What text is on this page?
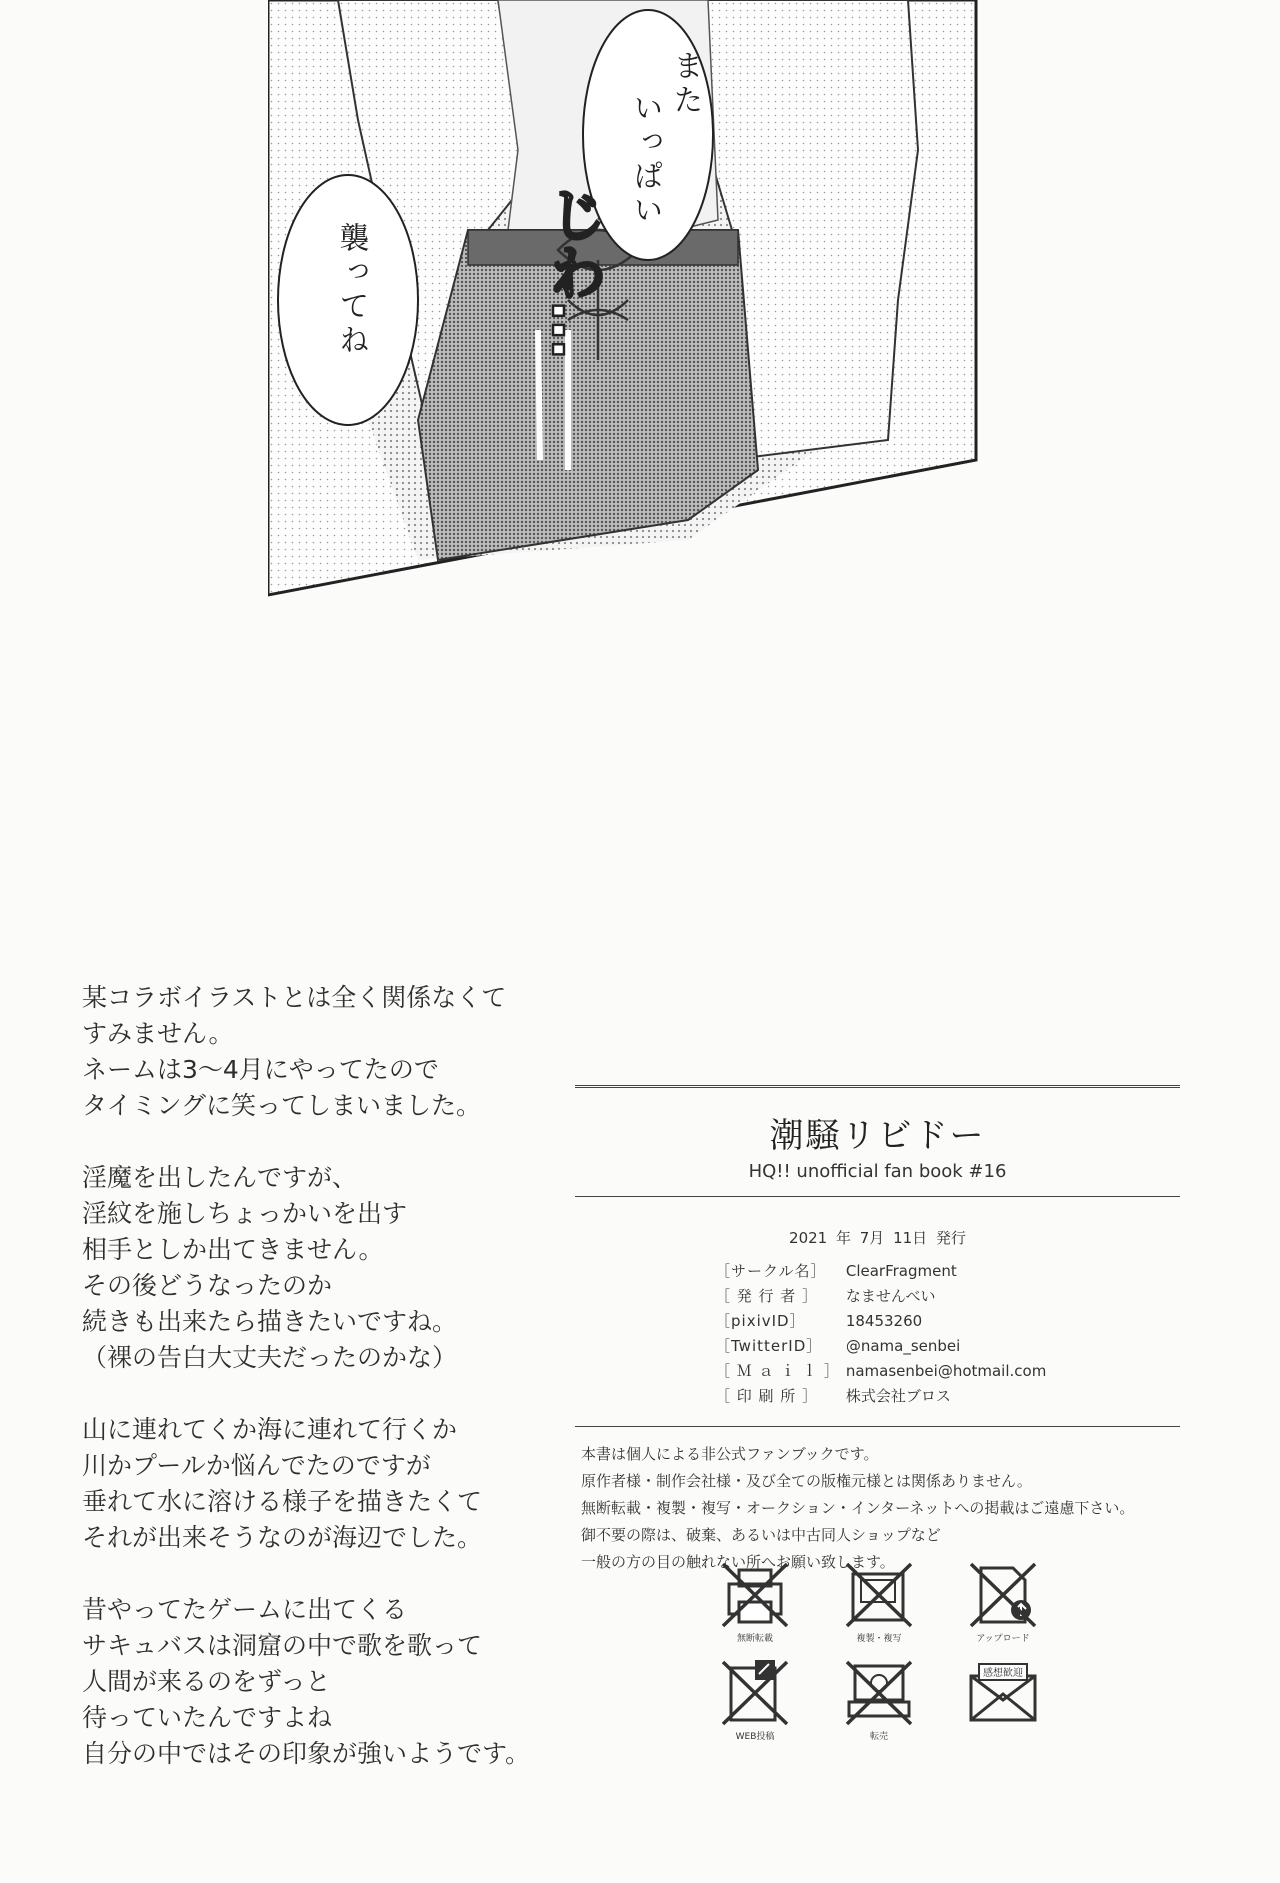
じわ…
また
いっぱい
襲ってね

某コラボイラストとは全く関係なくて
すみません。
ネームは3〜4月にやってたので
タイミングに笑ってしまいました。

淫魔を出したんですが、
淫紋を施しちょっかいを出す
相手としか出てきません。
その後どうなったのか
続きも出来たら描きたいですね。
（裸の告白大丈夫だったのかな）

山に連れてくか海に連れて行くか
川かプールか悩んでたのですが
垂れて水に溶ける様子を描きたくて
それが出来そうなのが海辺でした。

昔やってたゲームに出てくる
サキュバスは洞窟の中で歌を歌って
人間が来るのをずっと
待っていたんですよね
自分の中ではその印象が強いようです。

潮騒リビドー
HQ!! unofficial fan book #16
2021 年 7月 11日 発行
［サークル名］	ClearFragment
［ 発 行 者 ］	なませんべい
［pixivID］	18453260
［TwitterID］	@nama_senbei
［ Ｍ ａ ｉ ｌ ］	namasenbei@hotmail.com
［ 印 刷 所 ］	株式会社ブロス
本書は個人による非公式ファンブックです。
原作者様・制作会社様・及び全ての版権元様とは関係ありません。
無断転載・複製・複写・オークション・インターネットへの掲載はご遠慮下さい。
御不要の際は、破棄、あるいは中古同人ショップなど
一般の方の目の触れない所へお願い致します。
無断転載	複製・複写	アップロード
WEB投稿	転売
感想歓迎
